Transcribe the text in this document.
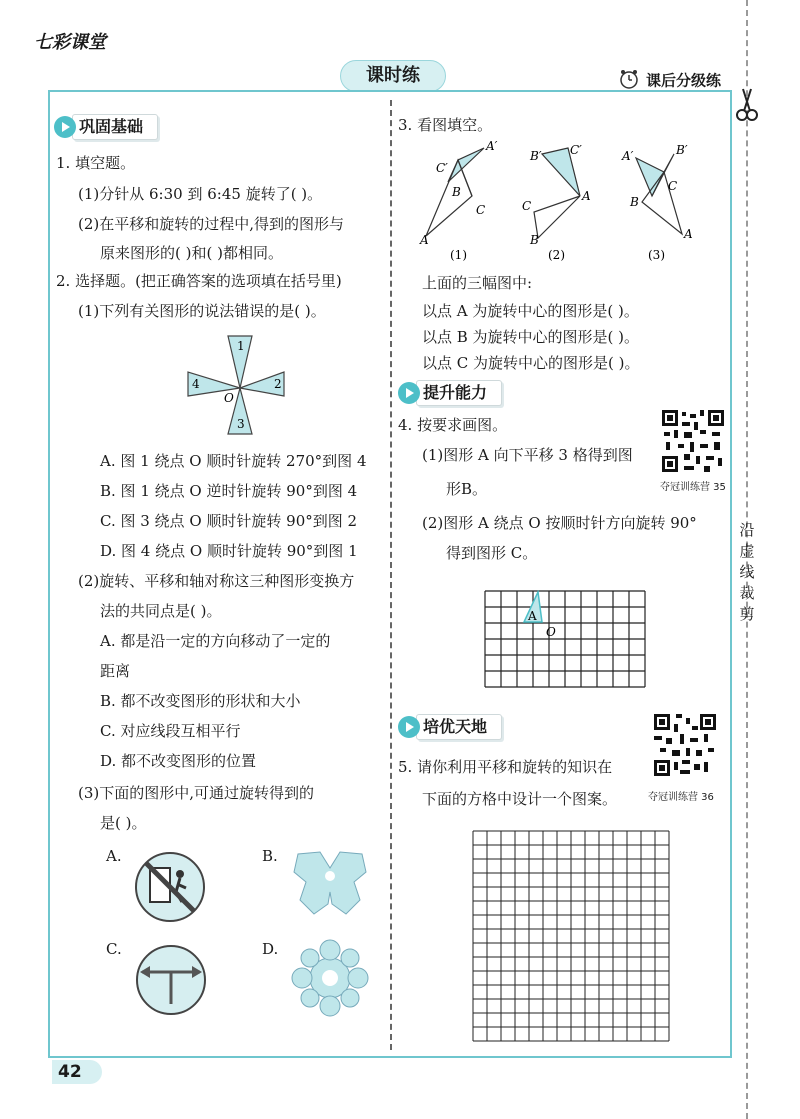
七彩课堂
课时练	课后分级练
沿虚线裁剪
巩固基础
1. 填空题。
(1)分针从 6:30 到 6:45 旋转了( )。
(2)在平移和旋转的过程中,得到的图形与
原来图形的( )和( )都相同。
2. 选择题。(把正确答案的选项填在括号里)
(1)下列有关图形的说法错误的是( )。
1
2
3
4
O
A. 图 1 绕点 O 顺时针旋转 270°到图 4
B. 图 1 绕点 O 逆时针旋转 90°到图 4
C. 图 3 绕点 O 顺时针旋转 90°到图 2
D. 图 4 绕点 O 顺时针旋转 90°到图 1
(2)旋转、平移和轴对称这三种图形变换方
法的共同点是( )。
A. 都是沿一定的方向移动了一定的
距离
B. 都不改变图形的形状和大小
C. 对应线段互相平行
D. 都不改变图形的位置
(3)下面的图形中,可通过旋转得到的
是( )。
A.	B.
C.	D.
3. 看图填空。
A′
C′
C
B
A
(1)
B′ C′
A
C
B
(2)
A′	B′
C
B
A
(3)
上面的三幅图中:
以点 A 为旋转中心的图形是( )。
以点 B 为旋转中心的图形是( )。
以点 C 为旋转中心的图形是( )。
提升能力
4. 按要求画图。
夺冠训练营 35
(1)图形 A 向下平移 3 格得到图
形B。
(2)图形 A 绕点 O 按顺时针方向旋转 90°
得到图形 C。
A
O
培优天地
夺冠训练营 36
5. 请你利用平移和旋转的知识在
下面的方格中设计一个图案。
42
